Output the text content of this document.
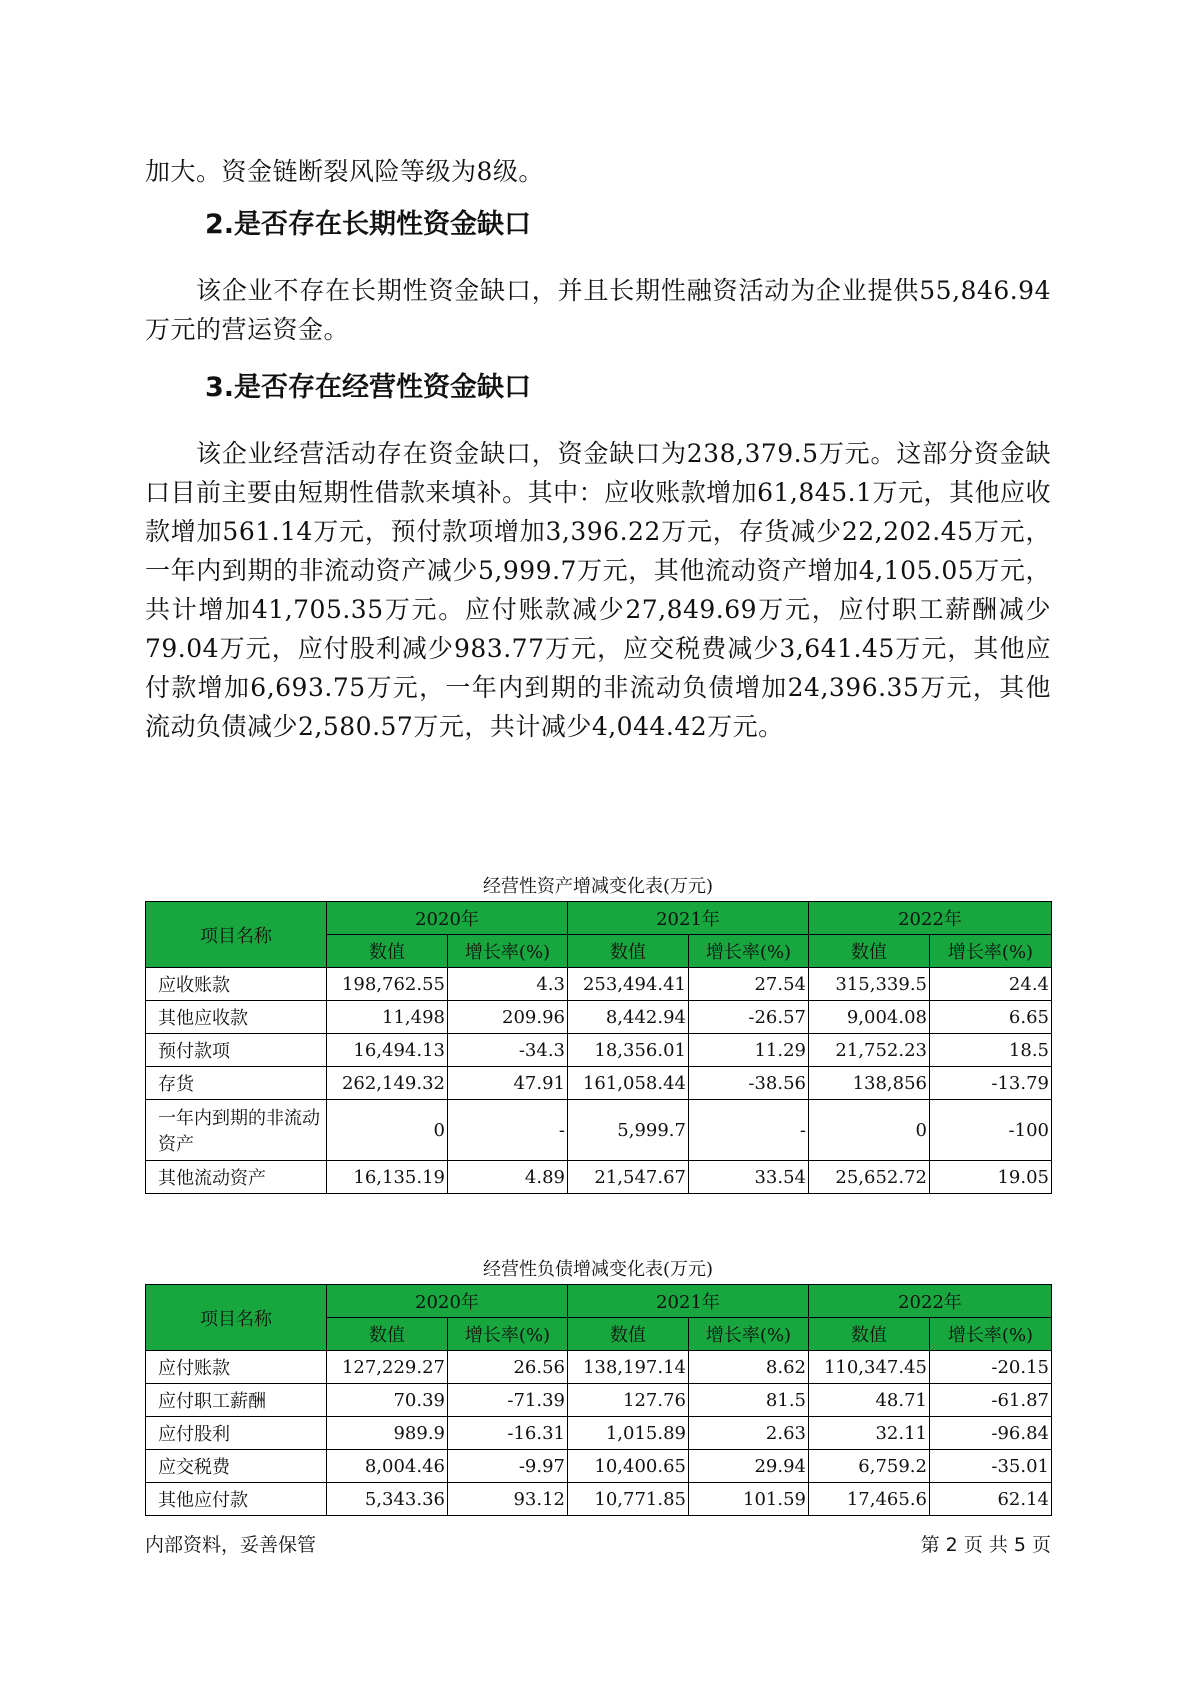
加大。资金链断裂风险等级为8级。

2.是否存在长期性资金缺口

该企业不存在长期性资金缺口，并且长期性融资活动为企业提供55,846.94万元的营运资金。

3.是否存在经营性资金缺口

该企业经营活动存在资金缺口，资金缺口为238,379.5万元。这部分资金缺口目前主要由短期性借款来填补。其中：应收账款增加61,845.1万元，其他应收款增加561.14万元，预付款项增加3,396.22万元，存货减少22,202.45万元，一年内到期的非流动资产减少5,999.7万元，其他流动资产增加4,105.05万元，共计增加41,705.35万元。应付账款减少27,849.69万元，应付职工薪酬减少79.04万元，应付股利减少983.77万元，应交税费减少3,641.45万元，其他应付款增加6,693.75万元，一年内到期的非流动负债增加24,396.35万元，其他流动负债减少2,580.57万元，共计减少4,044.42万元。

经营性资产增减变化表(万元)

项目名称	2020年		2021年		2022年	
	数值	增长率(%)	数值	增长率(%)	数值	增长率(%)
应收账款	198,762.55	4.3	253,494.41	27.54	315,339.5	24.4
其他应收款	11,498	209.96	8,442.94	-26.57	9,004.08	6.65
预付款项	16,494.13	-34.3	18,356.01	11.29	21,752.23	18.5
存货	262,149.32	47.91	161,058.44	-38.56	138,856	-13.79
一年内到期的非流动资产	0	-	5,999.7	-	0	-100
其他流动资产	16,135.19	4.89	21,547.67	33.54	25,652.72	19.05

经营性负债增减变化表(万元)

项目名称	2020年		2021年		2022年	
	数值	增长率(%)	数值	增长率(%)	数值	增长率(%)
应付账款	127,229.27	26.56	138,197.14	8.62	110,347.45	-20.15
应付职工薪酬	70.39	-71.39	127.76	81.5	48.71	-61.87
应付股利	989.9	-16.31	1,015.89	2.63	32.11	-96.84
应交税费	8,004.46	-9.97	10,400.65	29.94	6,759.2	-35.01
其他应付款	5,343.36	93.12	10,771.85	101.59	17,465.6	62.14
内部资料，妥善保管	第 2 页 共 5 页
